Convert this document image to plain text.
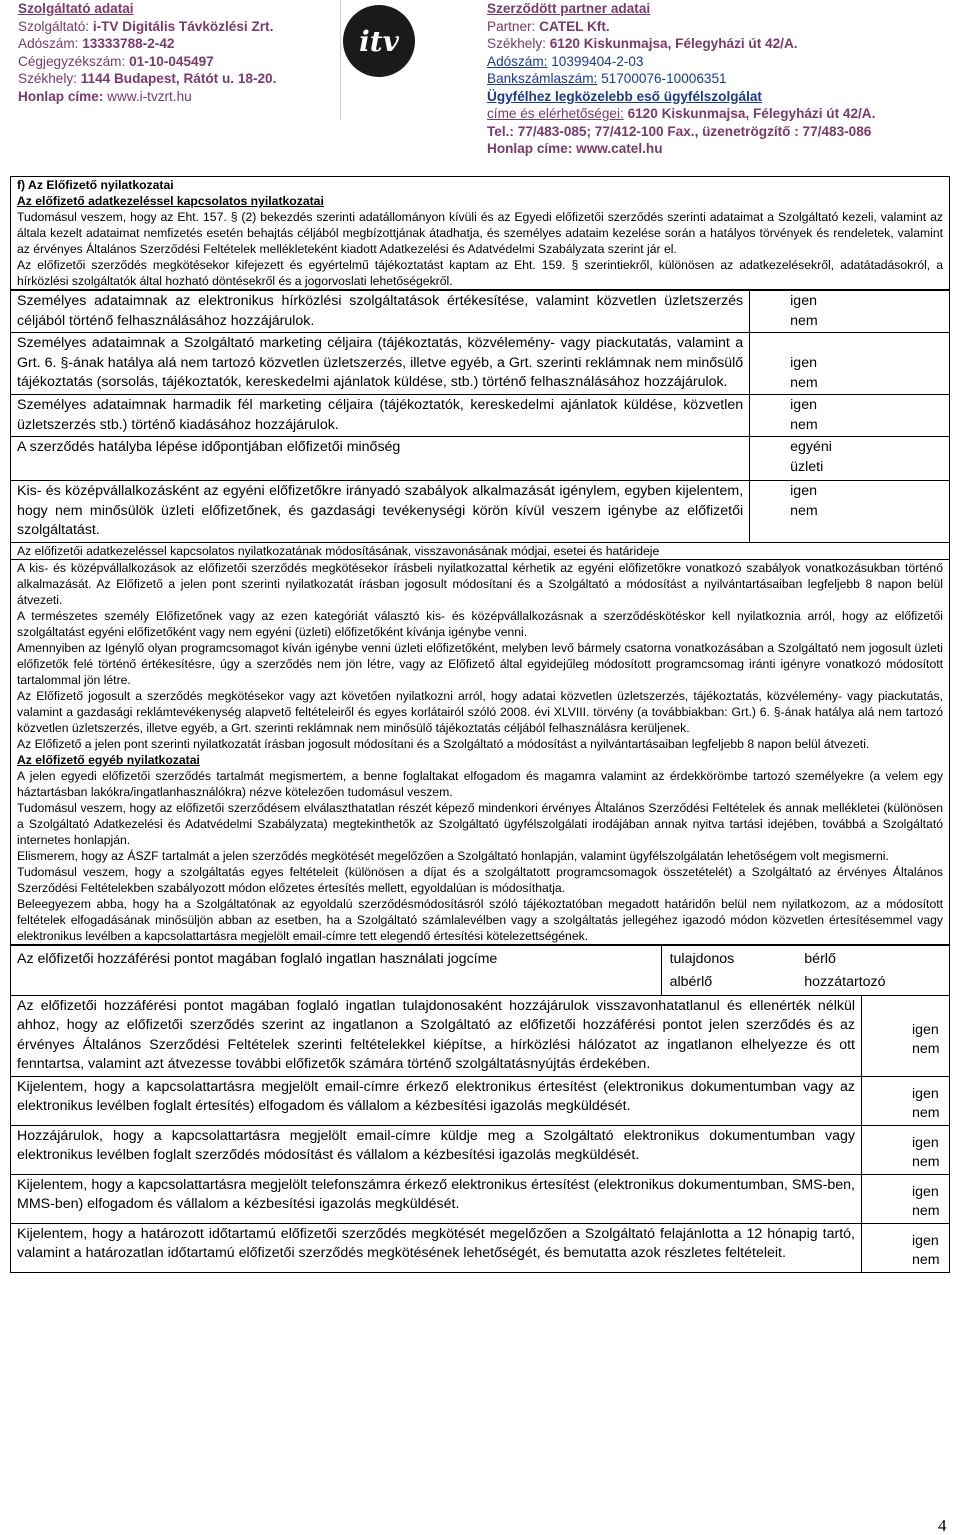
Szolgáltató adatai
Szolgáltató: i-TV Digitális Távközlési Zrt.
Adószám: 13333788-2-42
Cégjegyzékszám: 01-10-045497
Székhely: 1144 Budapest, Rátót u. 18-20.
Honlap címe: www.i-tvzrt.hu
itv
Szerződött partner adatai
Partner: CATEL Kft.
Székhely: 6120 Kiskunmajsa, Félegyházi út 42/A.
Adószám: 10399404-2-03
Bankszámlaszám: 51700076-10006351
Ügyfélhez legközelebb eső ügyfélszolgálat
címe és elérhetőségei: 6120 Kiskunmajsa, Félegyházi út 42/A.
Tel.: 77/483-085; 77/412-100 Fax., üzenetrögzítő : 77/483-086
Honlap címe: www.catel.hu

f) Az Előfizető nyilatkozatai

Az előfizető adatkezeléssel kapcsolatos nyilatkozatai

Tudomásul veszem, hogy az Eht. 157. § (2) bekezdés szerinti adatállományon kívüli és az Egyedi előfizetői szerződés szerinti adataimat a Szolgáltató kezeli, valamint az általa kezelt adataimat nemfizetés esetén behajtás céljából megbízottjának átadhatja, és személyes adataim kezelése során a hatályos törvények és rendeletek, valamint az érvényes Általános Szerződési Feltételek mellékleteként kiadott Adatkezelési és Adatvédelmi Szabályzata szerint jár el.

Az előfizetői szerződés megkötésekor kifejezett és egyértelmű tájékoztatást kaptam az Eht. 159. § szerintiekről, különösen az adatkezelésekről, adatátadásokról, a hírközlési szolgáltatók által hozható döntésekről és a jogorvoslati lehetőségekről.

Személyes adataimnak az elektronikus hírközlési szolgáltatások értékesítése, valamint közvetlen üzletszerzés céljából történő felhasználásához hozzájárulok.	igen
nem

Személyes adataimnak a Szolgáltató marketing céljaira (tájékoztatás, közvélemény- vagy piackutatás, valamint a Grt. 6. §-ának hatálya alá nem tartozó közvetlen üzletszerzés, illetve egyéb, a Grt. szerinti reklámnak nem minősülő tájékoztatás (sorsolás, tájékoztatók, kereskedelmi ajánlatok küldése, stb.) történő felhasználásához hozzájárulok.	igen
nem

Személyes adataimnak harmadik fél marketing céljaira (tájékoztatók, kereskedelmi ajánlatok küldése, közvetlen üzletszerzés stb.) történő kiadásához hozzájárulok.	igen
nem

A szerződés hatályba lépése időpontjában előfizetői minőség	egyéni
üzleti

Kis- és középvállalkozásként az egyéni előfizetőkre irányadó szabályok alkalmazását igénylem, egyben kijelentem, hogy nem minősülök üzleti előfizetőnek, és gazdasági tevékenységi körön kívül veszem igénybe az előfizetői szolgáltatást.	igen
nem

Az előfizetői adatkezeléssel kapcsolatos nyilatkozatának módosításának, visszavonásának módjai, esetei és határideje

A kis- és középvállalkozások az előfizetői szerződés megkötésekor írásbeli nyilatkozattal kérhetik az egyéni előfizetőkre vonatkozó szabályok vonatkozásukban történő alkalmazását. Az Előfizető a jelen pont szerinti nyilatkozatát írásban jogosult módosítani és a Szolgáltató a módosítást a nyilvántartásaiban legfeljebb 8 napon belül átvezeti.

A természetes személy Előfizetőnek vagy az ezen kategóriát választó kis- és középvállalkozásnak a szerződéskötéskor kell nyilatkoznia arról, hogy az előfizetői szolgáltatást egyéni előfizetőként vagy nem egyéni (üzleti) előfizetőként kívánja igénybe venni.

Amennyiben az Igénylő olyan programcsomagot kíván igénybe venni üzleti előfizetőként, melyben levő bármely csatorna vonatkozásában a Szolgáltató nem jogosult üzleti előfizetők felé történő értékesítésre, úgy a szerződés nem jön létre, vagy az Előfizető által egyidejűleg módosított programcsomag iránti igényre vonatkozó módosított tartalommal jön létre.

Az Előfizető jogosult a szerződés megkötésekor vagy azt követően nyilatkozni arról, hogy adatai közvetlen üzletszerzés, tájékoztatás, közvélemény- vagy piackutatás, valamint a gazdasági reklámtevékenység alapvető feltételeiről és egyes korlátairól szóló 2008. évi XLVIII. törvény (a továbbiakban: Grt.) 6. §-ának hatálya alá nem tartozó közvetlen üzletszerzés, illetve egyéb, a Grt. szerinti reklámnak nem minősülő tájékoztatás céljából felhasználásra kerüljenek.

Az Előfizető a jelen pont szerinti nyilatkozatát írásban jogosult módosítani és a Szolgáltató a módosítást a nyilvántartásaiban legfeljebb 8 napon belül átvezeti.

Az előfizető egyéb nyilatkozatai

A jelen egyedi előfizetői szerződés tartalmát megismertem, a benne foglaltakat elfogadom és magamra valamint az érdekkörömbe tartozó személyekre (a velem egy háztartásban lakókra/ingatlanhasználókra) nézve kötelezően tudomásul veszem.

Tudomásul veszem, hogy az előfizetői szerződésem elválaszthatatlan részét képező mindenkori érvényes Általános Szerződési Feltételek és annak mellékletei (különösen a Szolgáltató Adatkezelési és Adatvédelmi Szabályzata) megtekinthetők az Szolgáltató ügyfélszolgálati irodájában annak nyitva tartási idejében, továbbá a Szolgáltató internetes honlapján.

Elismerem, hogy az ÁSZF tartalmát a jelen szerződés megkötését megelőzően a Szolgáltató honlapján, valamint ügyfélszolgálatán lehetőségem volt megismerni.

Tudomásul veszem, hogy a szolgáltatás egyes feltételeit (különösen a díjat és a szolgáltatott programcsomagok összetételét) a Szolgáltató az érvényes Általános Szerződési Feltételekben szabályozott módon előzetes értesítés mellett, egyoldalúan is módosíthatja.

Beleegyezem abba, hogy ha a Szolgáltatónak az egyoldalú szerződésmódosításról szóló tájékoztatóban megadott határidőn belül nem nyilatkozom, az a módosított feltételek elfogadásának minősüljön abban az esetben, ha a Szolgáltató számlalevélben vagy a szolgáltatás jellegéhez igazodó módon közvetlen értesítésemmel vagy elektronikus levélben a kapcsolattartásra megjelölt email-címre tett elegendő értesítési kötelezettségének.

Az előfizetői hozzáférési pontot magában foglaló ingatlan használati jogcíme	tulajdonos	bérlő
albérlő	hozzátartozó
Az előfizetői hozzáférési pontot magában foglaló ingatlan tulajdonosaként hozzájárulok visszavonhatatlanul és ellenérték nélkül ahhoz, hogy az előfizetői szerződés szerint az ingatlanon a Szolgáltató az előfizetői hozzáférési pontot jelen szerződés és az érvényes Általános Szerződési Feltételek szerinti feltételekkel kiépítse, a hírközlési hálózatot az ingatlanon elhelyezze és ott fenntartsa, valamint azt átvezesse további előfizetők számára történő szolgáltatásnyújtás érdekében.	igen
nem

Kijelentem, hogy a kapcsolattartásra megjelölt email-címre érkező elektronikus értesítést (elektronikus dokumentumban vagy az elektronikus levélben foglalt értesítés) elfogadom és vállalom a kézbesítési igazolás megküldését.	igen
nem

Hozzájárulok, hogy a kapcsolattartásra megjelölt email-címre küldje meg a Szolgáltató elektronikus dokumentumban vagy elektronikus levélben foglalt szerződés módosítást és vállalom a kézbesítési igazolás megküldését.	igen
nem

Kijelentem, hogy a kapcsolattartásra megjelölt telefonszámra érkező elektronikus értesítést (elektronikus dokumentumban, SMS-ben, MMS-ben) elfogadom és vállalom a kézbesítési igazolás megküldését.	igen
nem

Kijelentem, hogy a határozott időtartamú előfizetői szerződés megkötését megelőzően a Szolgáltató felajánlotta a 12 hónapig tartó, valamint a határozatlan időtartamú előfizetői szerződés megkötésének lehetőségét, és bemutatta azok részletes feltételeit.	igen
nem
4
